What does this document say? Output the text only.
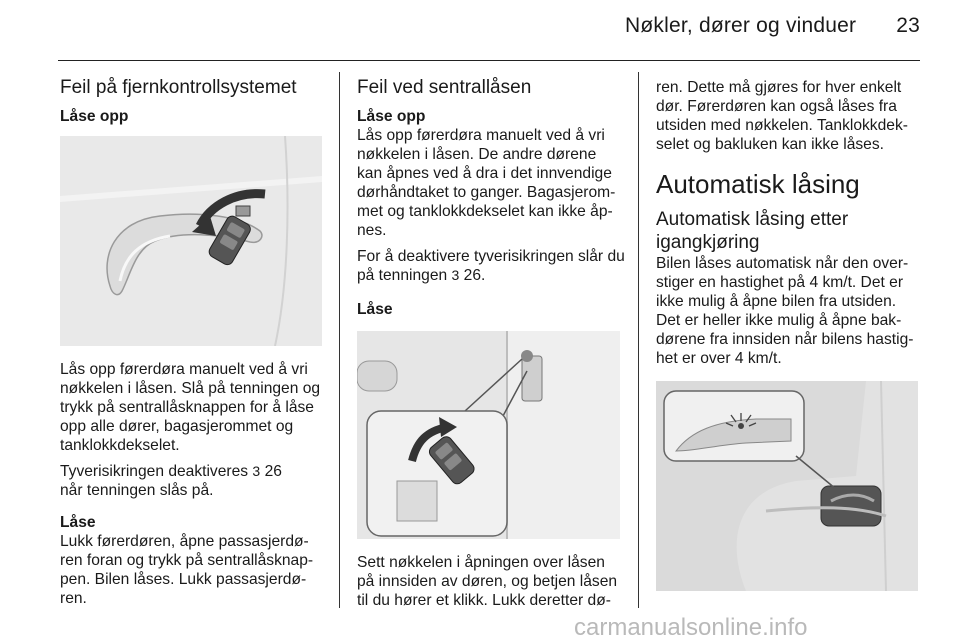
Nøkler, dører og vinduer 23
Feil på fjernkontrollsystemet
Låse opp

Lås opp førerdøra manuelt ved å vri nøkkelen i låsen. Slå på tenningen og trykk på sentrallåsknappen for å låse opp alle dører, bagasjerommet og tanklokkdekselet.

Tyverisikringen deaktiveres 3 26
når tenningen slås på.

Låse

Lukk førerdøren, åpne passasjerdø-ren foran og trykk på sentrallåsknap-pen. Bilen låses. Lukk passasjerdø-ren.

Feil ved sentrallåsen
Låse opp

Lås opp førerdøra manuelt ved å vri nøkkelen i låsen. De andre dørene kan åpnes ved å dra i det innvendige dørhåndtaket to ganger. Bagasjerom-met og tanklokkdekselet kan ikke åp-nes.

For å deaktivere tyverisikringen slår du på tenningen 3 26.

Låse

Sett nøkkelen i åpningen over låsen på innsiden av døren, og betjen låsen til du hører et klikk. Lukk deretter dø-

ren. Dette må gjøres for hver enkelt dør. Førerdøren kan også låses fra utsiden med nøkkelen. Tanklokkdek-selet og bakluken kan ikke låses.

Automatisk låsing
Automatisk låsing etter igangkjøring

Bilen låses automatisk når den over-stiger en hastighet på 4 km/t. Det er ikke mulig å åpne bilen fra utsiden. Det er heller ikke mulig å åpne bak-dørene fra innsiden når bilens hastig-het er over 4 km/t.

carmanualsonline.info
